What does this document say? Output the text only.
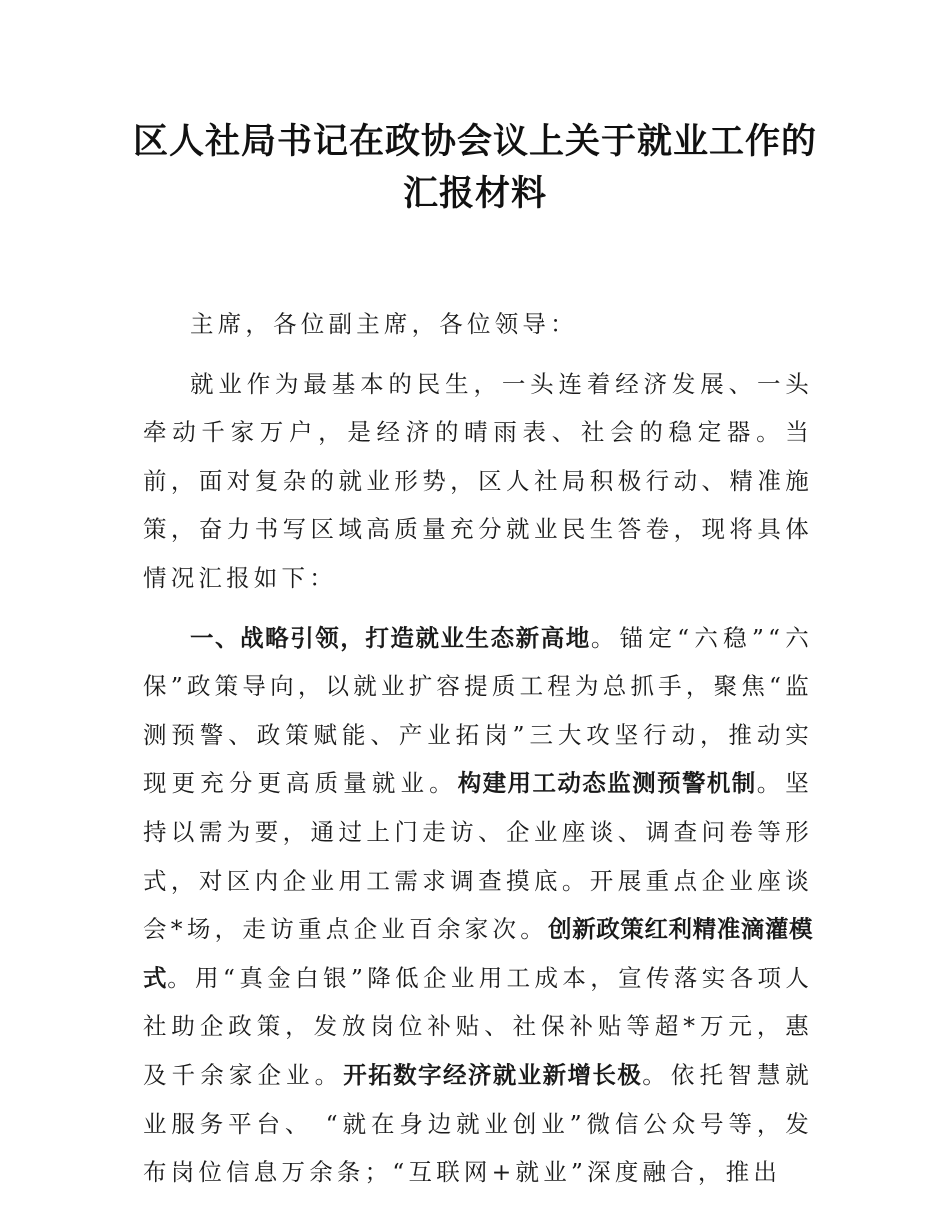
区人社局书记在政协会议上关于就业工作的
汇报材料

主席，各位副主席，各位领导：

就业作为最基本的民生，一头连着经济发展、一头牵动千家万户，是经济的晴雨表、社会的稳定器。当前，面对复杂的就业形势，区人社局积极行动、精准施策，奋力书写区域高质量充分就业民生答卷，现将具体情况汇报如下：

一、战略引领，打造就业生态新高地。锚定“六稳”“六保”政策导向，以就业扩容提质工程为总抓手，聚焦“监测预警、政策赋能、产业拓岗”三大攻坚行动，推动实现更充分更高质量就业。构建用工动态监测预警机制。坚持以需为要，通过上门走访、企业座谈、调查问卷等形式，对区内企业用工需求调查摸底。开展重点企业座谈会*场，走访重点企业百余家次。创新政策红利精准滴灌模式。用“真金白银”降低企业用工成本，宣传落实各项人社助企政策，发放岗位补贴、社保补贴等超*万元，惠及千余家企业。开拓数字经济就业新增长极。依托智慧就业服务平台、 “就在身边就业创业”微信公众号等，发布岗位信息万余条；“互联网+就业”深度融合，推出
